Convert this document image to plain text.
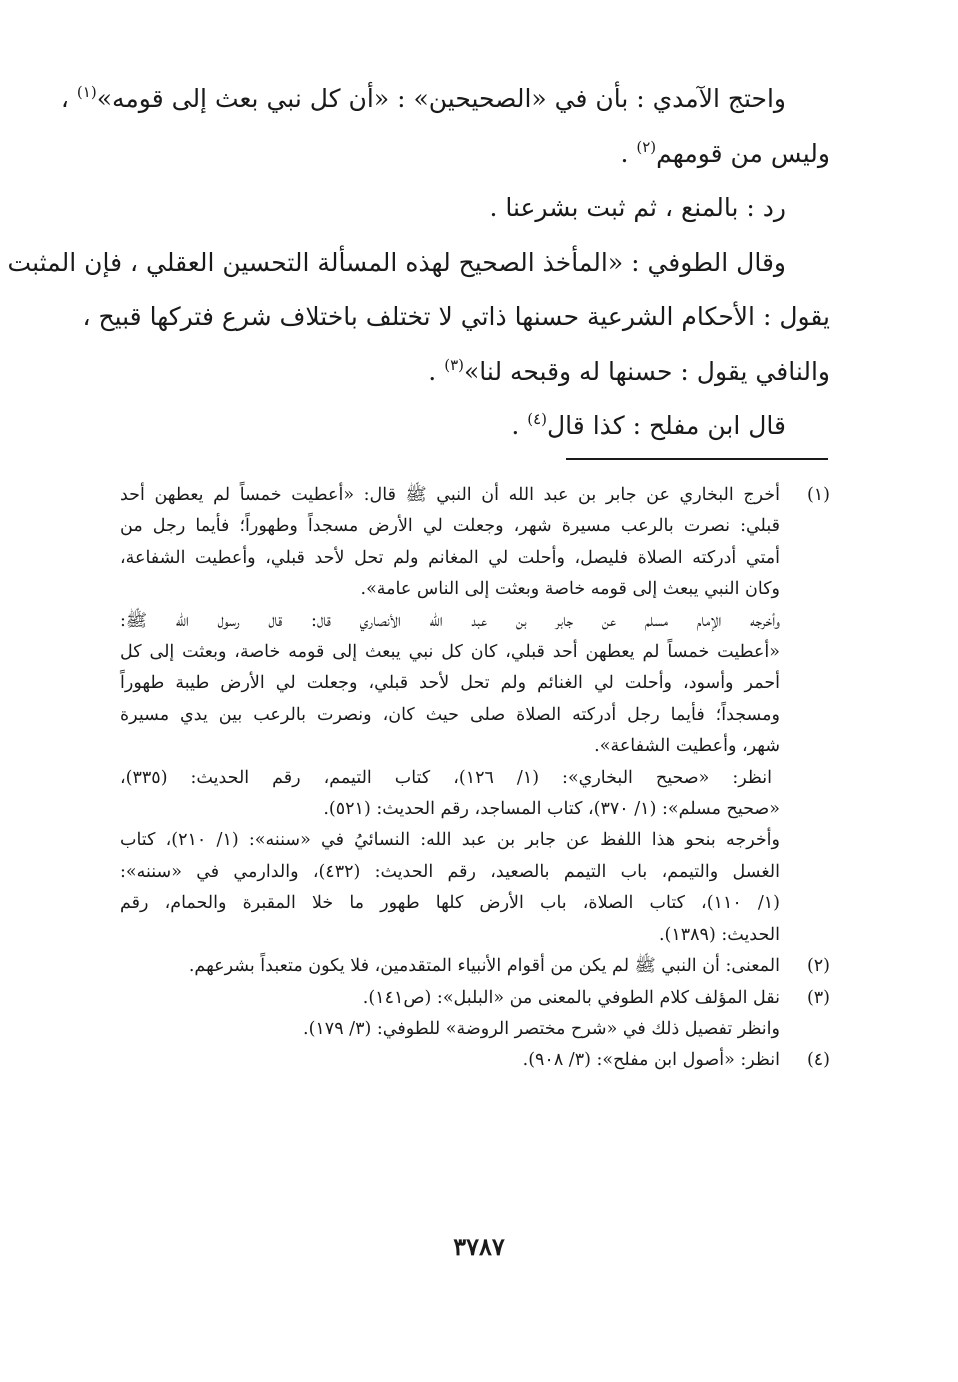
واحتج الآمدي : بأن في «الصحيحين» : «أن كل نبي بعث إلى قومه»$^{(١)}$ ،
وليس من قومهم$^{(٢)}$ .
رد : بالمنع ، ثم ثبت بشرعنا .
وقال الطوفي : «المأخذ الصحيح لهذه المسألة التحسين العقلي ، فإن المثبت
يقول : الأحكام الشرعية حسنها ذاتي لا تختلف باختلاف شرع فتركها قبيح ،
والنافي يقول : حسنها له وقبحه لنا»$^{(٣)}$ .
قال ابن مفلح : كذا قال$^{(٤)}$ .
(١)أخرج البخاري عن جابر بن عبد الله أن النبي ﷺ قال: «أعطيت خمساً لم يعطهن أحد
قبلي: نصرت بالرعب مسيرة شهر، وجعلت لي الأرض مسجداً وطهوراً؛ فأيما رجل من
أمتي أدركته الصلاة فليصل، وأحلت لي المغانم ولم تحل لأحد قبلي، وأعطيت الشفاعة،
وكان النبي يبعث إلى قومه خاصة وبعثت إلى الناس عامة».
وأخرجه الإمام مسلم عن جابر بن عبد الله الأنصاري قال: قال رسول الله ﷺ:
«أعطيت خمساً لم يعطهن أحد قبلي، كان كل نبي يبعث إلى قومه خاصة، وبعثت إلى كل
أحمر وأسود، وأحلت لي الغنائم ولم تحل لأحد قبلي، وجعلت لي الأرض طيبة طهوراً
ومسجداً؛ فأيما رجل أدركته الصلاة صلى حيث كان، ونصرت بالرعب بين يدي مسيرة
شهر، وأعطيت الشفاعة».
انظر: «صحيح البخاري»: (١/ ١٢٦)، كتاب التيمم، رقم الحديث: (٣٣٥)،
«صحيح مسلم»: (١/ ٣٧٠)، كتاب المساجد، رقم الحديث: (٥٢١).
وأخرجه بنحو هذا اللفظ عن جابر بن عبد الله: النسائيُ في «سننه»: (١/ ٢١٠)، كتاب
الغسل والتيمم، باب التيمم بالصعيد، رقم الحديث: (٤٣٢)، والدارمي في «سننه»:
(١/ ١١٠)، كتاب الصلاة، باب الأرض كلها طهور ما خلا المقبرة والحمام، رقم
الحديث: (١٣٨٩).
(٢)المعنى: أن النبي ﷺ لم يكن من أقوام الأنبياء المتقدمين، فلا يكون متعبداً بشرعهم.
(٣)نقل المؤلف كلام الطوفي بالمعنى من «البلبل»: (ص١٤١).
وانظر تفصيل ذلك في «شرح مختصر الروضة» للطوفي: (٣/ ١٧٩).
(٤)انظر: «أصول ابن مفلح»: (٣/ ٩٠٨).
٣٧٨٧
